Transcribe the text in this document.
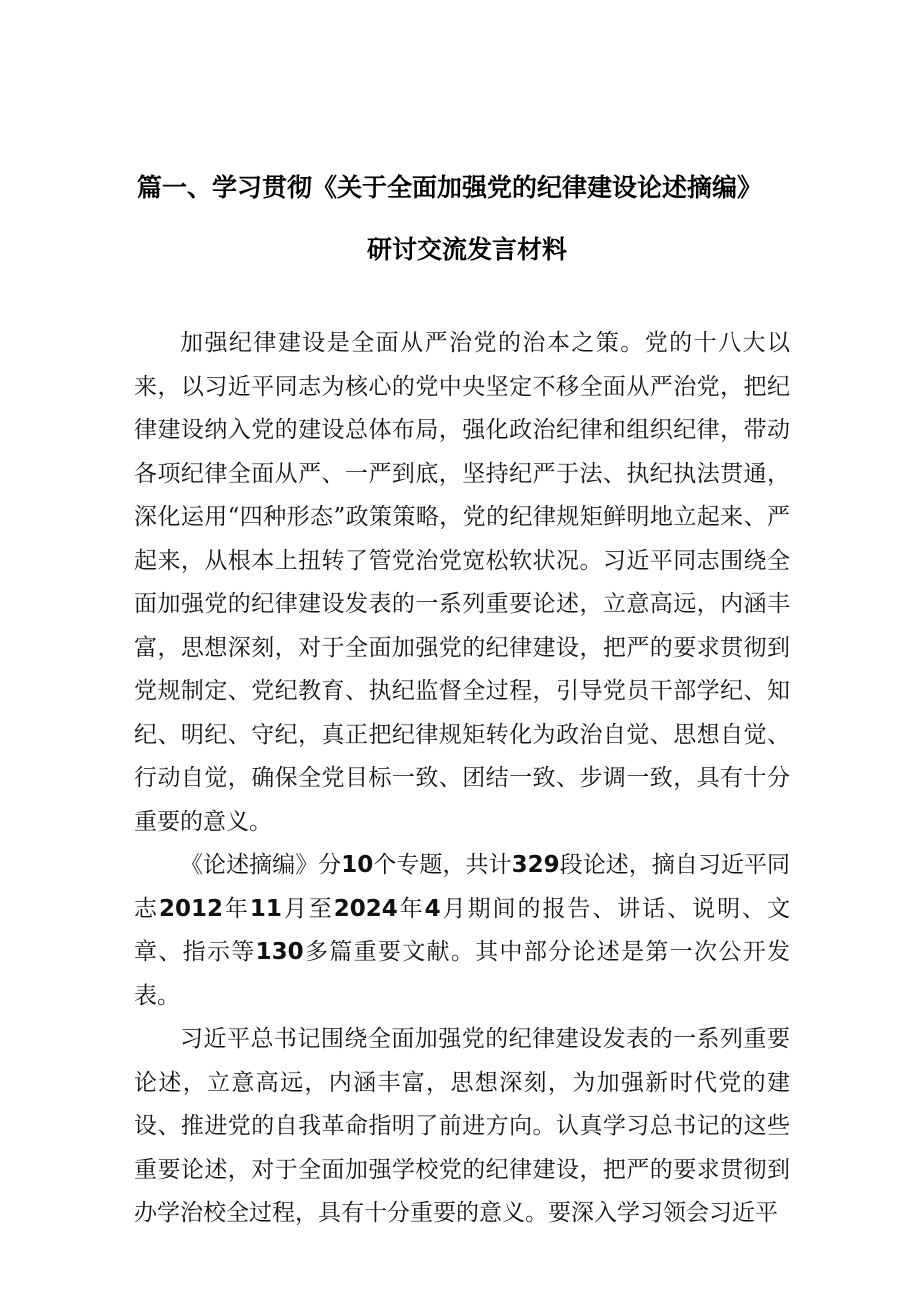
篇一、学习贯彻《关于全面加强党的纪律建设论述摘编》
研讨交流发言材料

加强纪律建设是全面从严治党的治本之策。党的十八大以来，以习近平同志为核心的党中央坚定不移全面从严治党，把纪律建设纳入党的建设总体布局，强化政治纪律和组织纪律，带动各项纪律全面从严、一严到底，坚持纪严于法、执纪执法贯通，深化运用“四种形态”政策策略，党的纪律规矩鲜明地立起来、严起来，从根本上扭转了管党治党宽松软状况。习近平同志围绕全面加强党的纪律建设发表的一系列重要论述，立意高远，内涵丰富，思想深刻，对于全面加强党的纪律建设，把严的要求贯彻到党规制定、党纪教育、执纪监督全过程，引导党员干部学纪、知纪、明纪、守纪，真正把纪律规矩转化为政治自觉、思想自觉、行动自觉，确保全党目标一致、团结一致、步调一致，具有十分重要的意义。

《论述摘编》分10个专题，共计329段论述，摘自习近平同志2012年11月至2024年4月期间的报告、讲话、说明、文章、指示等130多篇重要文献。其中部分论述是第一次公开发表。

习近平总书记围绕全面加强党的纪律建设发表的一系列重要论述，立意高远，内涵丰富，思想深刻，为加强新时代党的建设、推进党的自我革命指明了前进方向。认真学习总书记的这些重要论述，对于全面加强学校党的纪律建设，把严的要求贯彻到办学治校全过程，具有十分重要的意义。要深入学习领会习近平
